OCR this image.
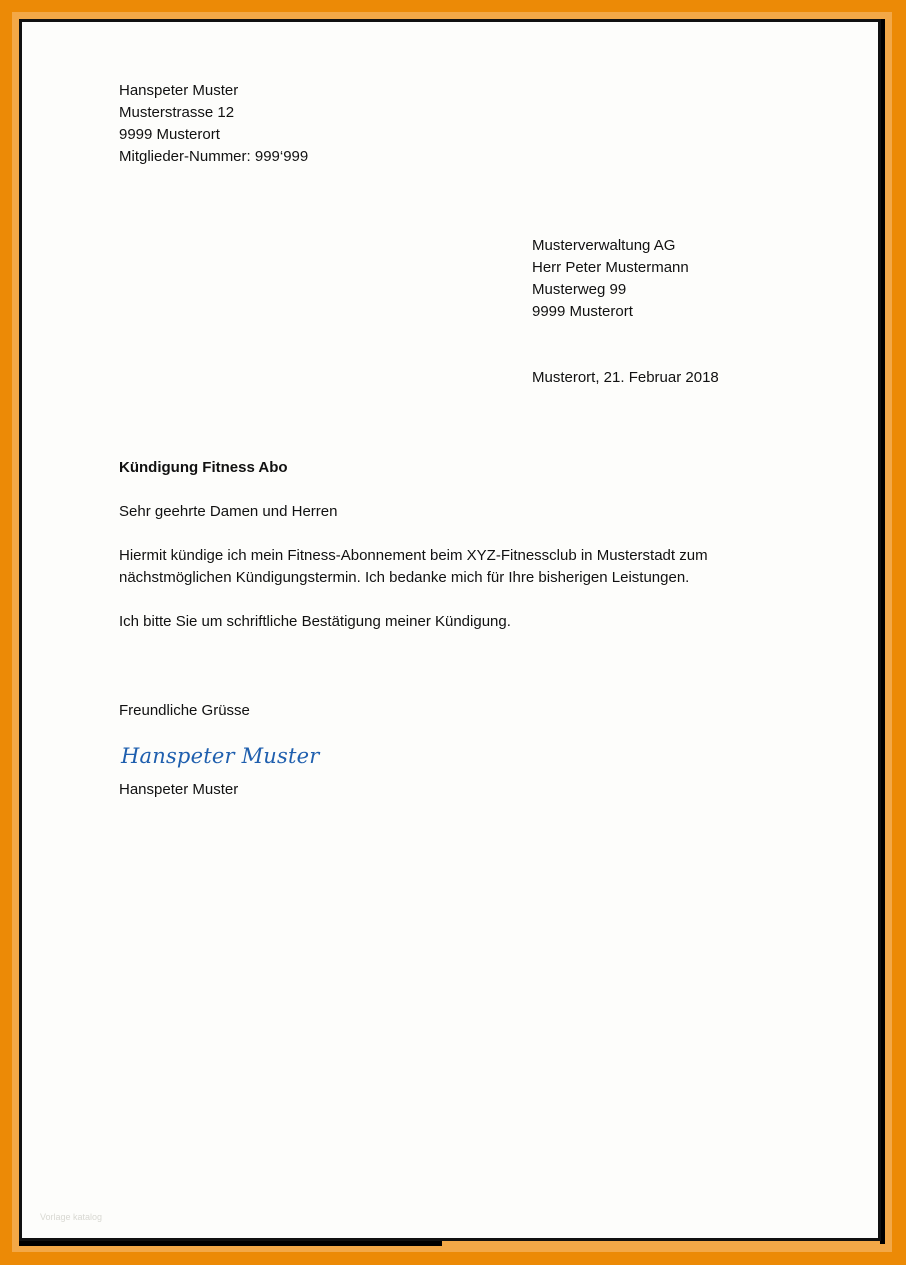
Hanspeter Muster
Musterstrasse 12
9999 Musterort
Mitglieder-Nummer: 999‘999
Musterverwaltung AG
Herr Peter Mustermann
Musterweg 99
9999 Musterort
Musterort, 21. Februar 2018
Kündigung Fitness Abo
Sehr geehrte Damen und Herren
Hiermit kündige ich mein Fitness-Abonnement beim XYZ-Fitnessclub in Musterstadt zum
nächstmöglichen Kündigungstermin. Ich bedanke mich für Ihre bisherigen Leistungen.
Ich bitte Sie um schriftliche Bestätigung meiner Kündigung.
Freundliche Grüsse
Hanspeter Muster
Hanspeter Muster
Vorlage katalog
